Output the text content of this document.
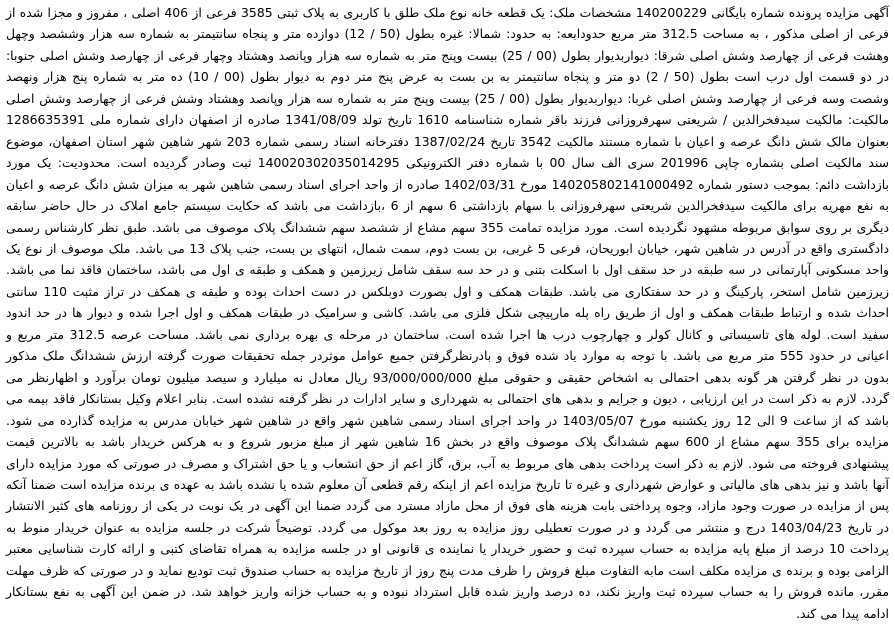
آگهی مزایده پرونده شماره بایگانی 140200229 مشخصات ملک: یک قطعه خانه نوع ملک طلق با کاربری به پلاک ثبتی 3585 فرعی از 406 اصلی ، مفروز و مجزا شده از فرعی از اصلی مذکور ، به مساحت 312.5 متر مربع حدودابعه: به حدود: شمالا: غیره بطول (50 / 12) دوازده متر و پنجاه سانتیمتر به شماره سه هزار وششصد وچهل وهشت فرعی از چهارصد وشش اصلی شرقا: دیواربدیوار بطول (00 / 25) بیست وپنج متر به شماره سه هزار وپانصد وهشتاد وچهار فرعی از چهارصد وشش اصلی جنوبا: در دو قسمت اول درب است بطول (50 / 2) دو متر و پنجاه سانتیمتر به بن بست به عرض پنج متر دوم به دیوار بطول (00 / 10) ده متر به شماره پنج هزار ونهصد وشصت وسه فرعی از چهارصد وشش اصلی غربا: دیواربدیوار بطول (00 / 25) بیست وپنج متر به شماره سه هزار وپانصد وهشتاد وشش فرعی از چهارصد وشش اصلی مالکیت: مالکیت سیدفخرالدین / شریعتی سهرفروزانی فرزند باقر شماره شناسنامه 1610 تاریخ تولد 1341/08/09 صادره از اصفهان دارای شماره ملی 1286635391 بعنوان مالک شش دانگ عرصه و اعیان با شماره مستند مالکیت 3542 تاریخ 1387/02/24 دفترخانه اسناد رسمی شماره 203 شهر شاهین شهر استان اصفهان، موضوع سند مالکیت اصلی بشماره چاپی 201996 سری الف سال 00 با شماره دفتر الکترونیکی 140020302035014295 ثبت وصادر گردیده است. محدودیت: یک مورد بازداشت دائم: بموجب دستور شماره 140205802141000492 مورخ 1402/03/31 صادره از واحد اجرای اسناد رسمی شاهین شهر به میزان شش دانگ عرصه و اعیان به نفع مهریه برای مالکیت سیدفخرالدین شریعتی سهرفروزانی با سهام بازداشتی 6 سهم از 6 ،بازداشت می باشد که حکایت سیستم جامع املاک در حال حاضر سابقه دیگری بر روی سوابق مربوطه مشهود نگردیده است. مورد مزایده تمامت 355 سهم مشاع از ششصد سهم ششدانگ پلاک موصوف می باشد. طبق نظر کارشناس رسمی دادگستری واقع در آدرس در شاهین شهر، خیابان ابوریحان، فرعی 5 غربی، بن بست دوم، سمت شمال، انتهای بن بست، جنب پلاک 13 می باشد. ملک موصوف از نوع یک واحد مسکونی آپارتمانی در سه طبقه در حد سقف اول با اسکلت بتنی و در حد سه سقف شامل زیرزمین و همکف و طبقه ی اول می باشد، ساختمان فاقد نما می باشد. زیرزمین شامل استخر، پارکینگ و در حد سفتکاری می باشد. طبقات همکف و اول بصورت دوبلکس در دست احداث بوده و طبقه ی همکف در تراز مثبت 110 سانتی احداث شده و ارتباط طبقات همکف و اول از طریق راه پله مارپیچی شکل فلزی می باشد. کاشی و سرامیک در طبقات همکف و اول اجرا شده و دیوار ها در حد اندود سفید است. لوله های تاسیساتی و کانال کولر و چهارچوب درب ها اجرا شده است. ساختمان در مرحله ی بهره برداری نمی باشد. مساحت عرصه 312.5 متر مربع و اعیانی در حدود 555 متر مربع می باشد. با توجه به موارد یاد شده فوق و بادرنظرگرفتن جمیع عوامل موثردر جمله تحقیقات صورت گرفته ارزش ششدانگ ملک مذکور بدون در نظر گرفتن هر گونه بدهی احتمالی به اشخاص حقیقی و حقوقی مبلغ 93/000/000/000 ریال معادل نه میلیارد و سیصد میلیون تومان برآورد و اظهارنظر می گردد. لازم به ذکر است در این ارزیابی ، دیون و جرایم و بدهی های احتمالی به شهرداری و سایر ادارات در نظر گرفته نشده است. بنابر اعلام وکیل بستانکار فاقد بیمه می باشد که از ساعت 9 الی 12 روز یکشنبه مورخ 1403/05/07 در واحد اجرای اسناد رسمی شاهین شهر واقع در شاهین شهر خیابان مدرس به مزایده گذارده می شود. مزایده برای 355 سهم مشاع از 600 سهم ششدانگ پلاک موصوف واقع در بخش 16 شاهین شهر از مبلغ مزبور شروع و به هرکس خریدار باشد به بالاترین قیمت پیشنهادی فروخته می شود. لازم به ذکر است پرداخت بدهی های مربوط به آب، برق، گاز اعم از حق انشعاب و یا حق اشتراک و مصرف در صورتی که مورد مزایده دارای آنها باشد و نیز بدهی های مالیاتی و عوارض شهرداری و غیره تا تاریخ مزایده اعم از اینکه رقم قطعی آن معلوم شده یا نشده باشد به عهده ی برنده مزایده است ضمنا آنکه پس از مزایده در صورت وجود مازاد، وجوه پرداختی بابت هزینه های فوق از محل مازاد مسترد می گردد ضمنا این آگهی در یک نوبت در یکی از روزنامه های کثیر الانتشار در تاریخ 1403/04/23 درج و منتشر می گردد و در صورت تعطیلی روز مزایده به روز بعد موکول می گردد. توضیحاً شرکت در جلسه مزایده به عنوان خریدار منوط به پرداخت 10 درصد از مبلغ پایه مزایده به حساب سپرده ثبت و حضور خریدار یا نماینده ی قانونی او در جلسه مزایده به همراه تقاضای کتبی و ارائه کارت شناسایی معتبر الزامی بوده و برنده ی مزایده مکلف است مابه التفاوت مبلغ فروش را ظرف مدت پنج روز از تاریخ مزایده به حساب صندوق ثبت تودیع نماید و در صورتی که ظرف مهلت مقرر، مانده فروش را به حساب سپرده ثبت واریز نکند، ده درصد واریز شده قابل استرداد نبوده و به حساب خزانه واریز خواهد شد. در ضمن این آگهی به نفع بستانکار ادامه پیدا می کند.
